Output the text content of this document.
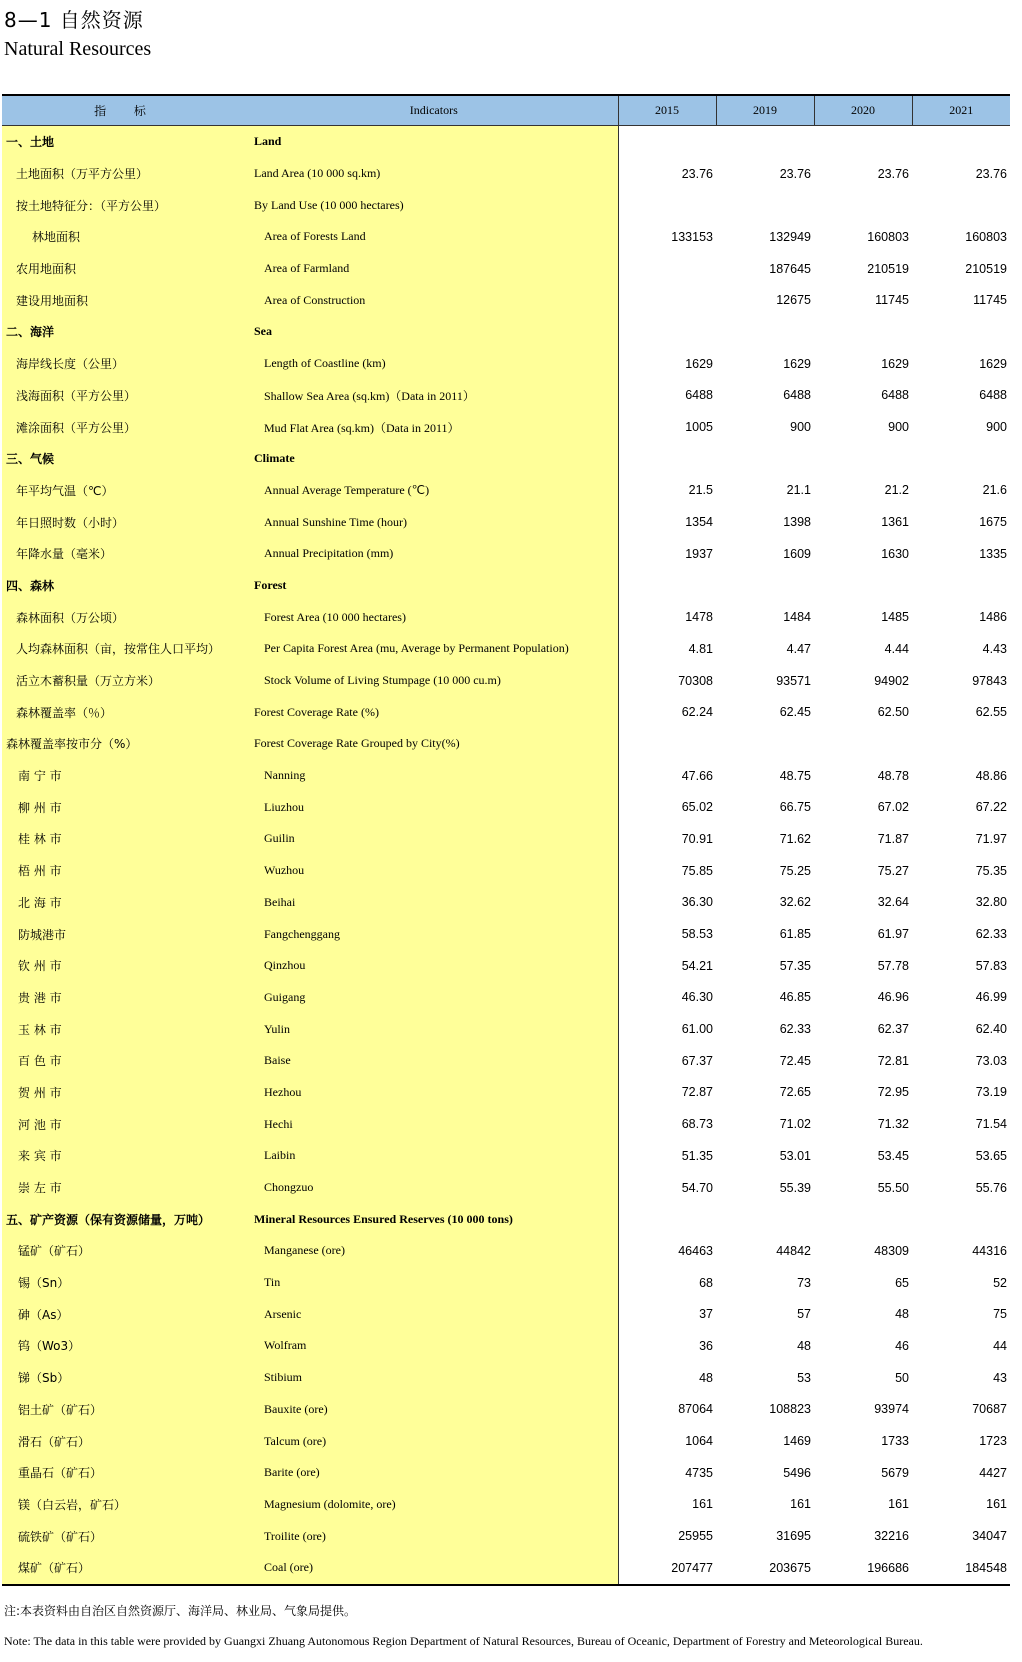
8—1 自然资源
Natural Resources
指 标	Indicators	2015	2019	2020	2021
一、土地	Land				
土地面积（万平方公里）	Land Area (10 000 sq.km)	23.76	23.76	23.76	23.76
按土地特征分：（平方公里）	By Land Use (10 000 hectares)				
林地面积	Area of Forests Land	133153	132949	160803	160803
农用地面积	Area of Farmland		187645	210519	210519
建设用地面积	Area of Construction		12675	11745	11745
二、海洋	Sea				
海岸线长度（公里）	Length of Coastline (km)	1629	1629	1629	1629
浅海面积（平方公里）	Shallow Sea Area (sq.km)（Data in 2011）	6488	6488	6488	6488
滩涂面积（平方公里）	Mud Flat Area (sq.km)（Data in 2011）	1005	900	900	900
三、气候	Climate				
年平均气温（℃）	Annual Average Temperature (℃)	21.5	21.1	21.2	21.6
年日照时数（小时）	Annual Sunshine Time (hour)	1354	1398	1361	1675
年降水量（毫米）	Annual Precipitation (mm)	1937	1609	1630	1335
四、森林	Forest				
森林面积（万公顷）	Forest Area (10 000 hectares)	1478	1484	1485	1486
人均森林面积（亩，按常住人口平均）	Per Capita Forest Area (mu, Average by Permanent Population)	4.81	4.47	4.44	4.43
活立木蓄积量（万立方米）	Stock Volume of Living Stumpage (10 000 cu.m)	70308	93571	94902	97843
森林覆盖率（％）	Forest Coverage Rate (%)	62.24	62.45	62.50	62.55
森林覆盖率按市分（%）	Forest Coverage Rate Grouped by City(%)				
南 宁 市	Nanning	47.66	48.75	48.78	48.86
柳 州 市	Liuzhou	65.02	66.75	67.02	67.22
桂 林 市	Guilin	70.91	71.62	71.87	71.97
梧 州 市	Wuzhou	75.85	75.25	75.27	75.35
北 海 市	Beihai	36.30	32.62	32.64	32.80
防城港市	Fangchenggang	58.53	61.85	61.97	62.33
钦 州 市	Qinzhou	54.21	57.35	57.78	57.83
贵 港 市	Guigang	46.30	46.85	46.96	46.99
玉 林 市	Yulin	61.00	62.33	62.37	62.40
百 色 市	Baise	67.37	72.45	72.81	73.03
贺 州 市	Hezhou	72.87	72.65	72.95	73.19
河 池 市	Hechi	68.73	71.02	71.32	71.54
来 宾 市	Laibin	51.35	53.01	53.45	53.65
崇 左 市	Chongzuo	54.70	55.39	55.50	55.76
五、矿产资源（保有资源储量，万吨）	Mineral Resources Ensured Reserves (10 000 tons)				
锰矿（矿石）	Manganese (ore)	46463	44842	48309	44316
锡（Sn）	Tin	68	73	65	52
砷（As）	Arsenic	37	57	48	75
钨（Wo3）	Wolfram	36	48	46	44
锑（Sb）	Stibium	48	53	50	43
铝土矿（矿石）	Bauxite (ore)	87064	108823	93974	70687
滑石（矿石）	Talcum (ore)	1064	1469	1733	1723
重晶石（矿石）	Barite (ore)	4735	5496	5679	4427
镁（白云岩，矿石）	Magnesium (dolomite, ore)	161	161	161	161
硫铁矿（矿石）	Troilite (ore)	25955	31695	32216	34047
煤矿（矿石）	Coal (ore)	207477	203675	196686	184548
注:本表资料由自治区自然资源厅、海洋局、林业局、气象局提供。
Note: The data in this table were provided by Guangxi Zhuang Autonomous Region Department of Natural Resources, Bureau of Oceanic, Department of Forestry and Meteorological Bureau.
